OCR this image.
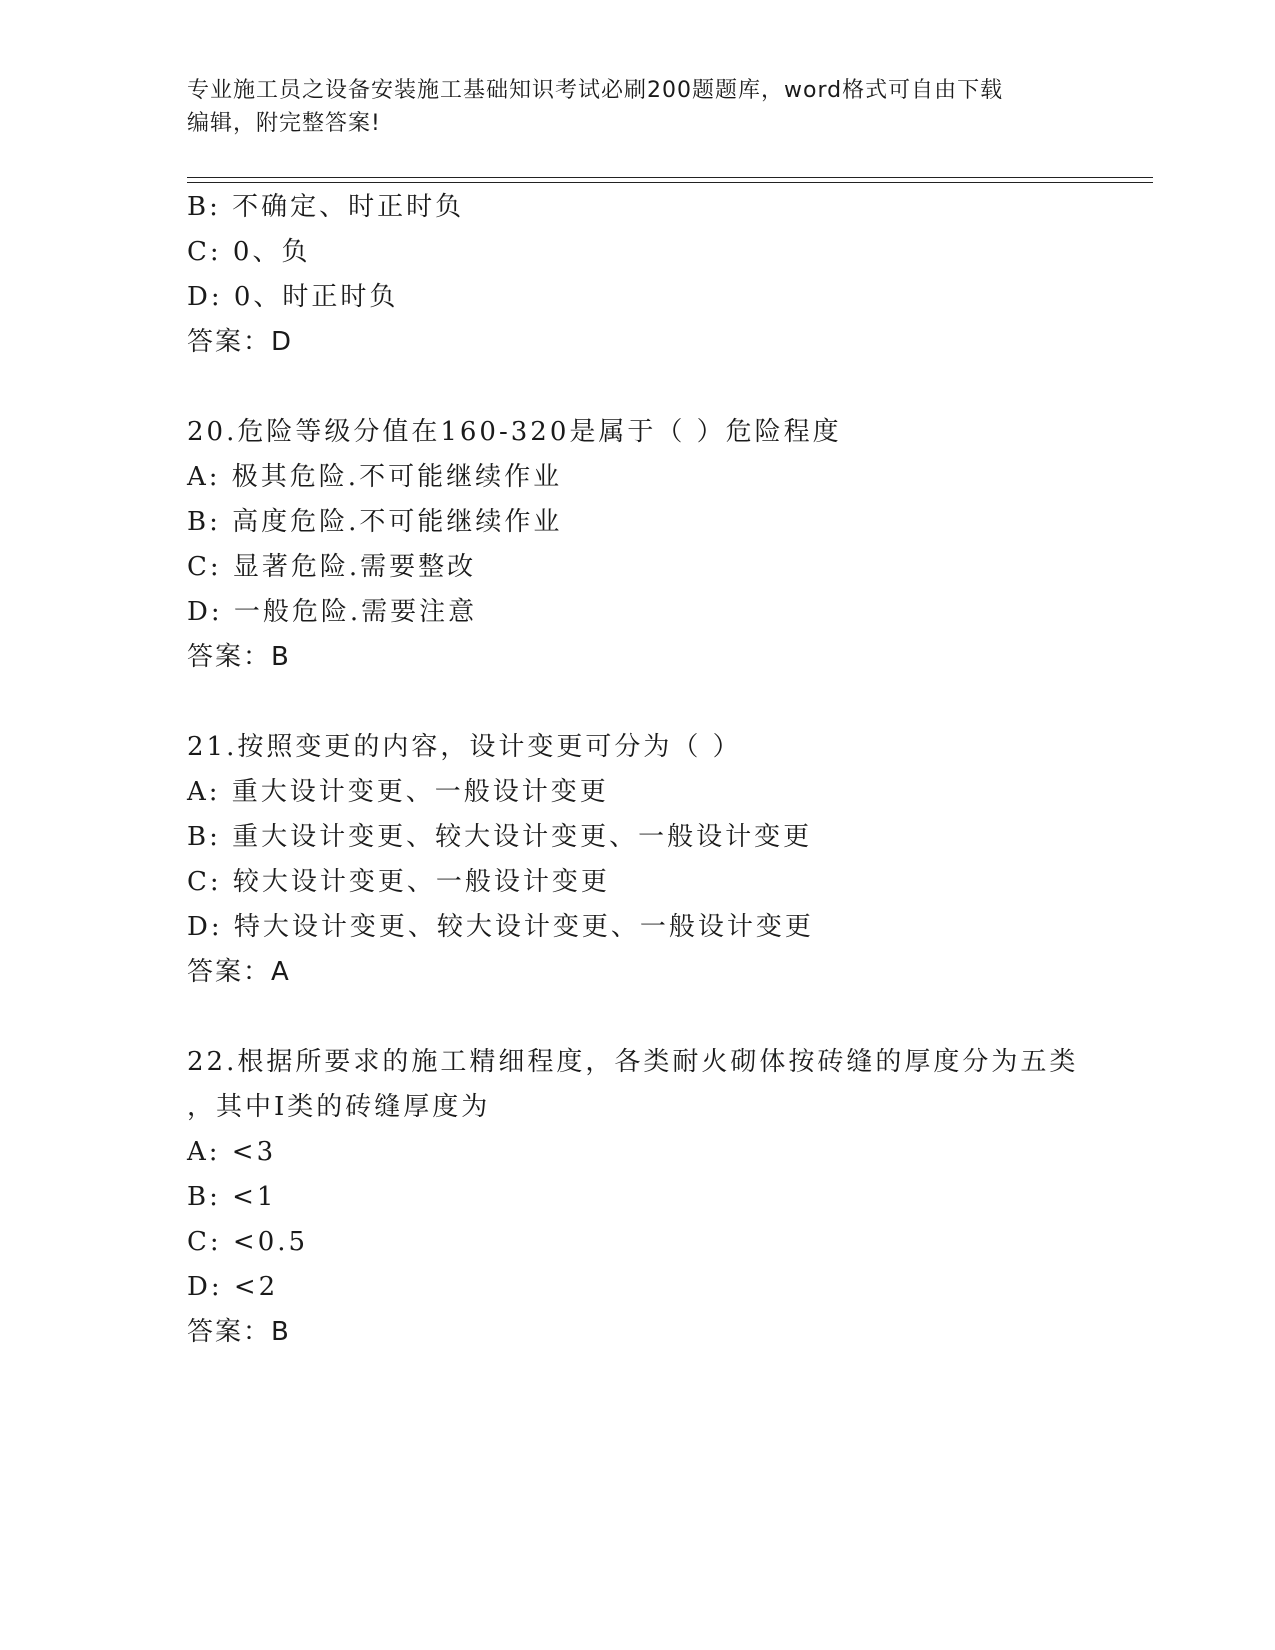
专业施工员之设备安装施工基础知识考试必刷200题题库，word格式可自由下载
编辑，附完整答案!
B: 不确定、时正时负
C: 0、负
D: 0、时正时负
答案：D
20.危险等级分值在160-320是属于（ ）危险程度
A: 极其危险.不可能继续作业
B: 高度危险.不可能继续作业
C: 显著危险.需要整改
D: 一般危险.需要注意
答案：B
21.按照变更的内容，设计变更可分为（ ）
A: 重大设计变更、一般设计变更
B: 重大设计变更、较大设计变更、一般设计变更
C: 较大设计变更、一般设计变更
D: 特大设计变更、较大设计变更、一般设计变更
答案：A
22.根据所要求的施工精细程度，各类耐火砌体按砖缝的厚度分为五类
，其中I类的砖缝厚度为
A: <3
B: <1
C: <0.5
D: <2
答案：B
